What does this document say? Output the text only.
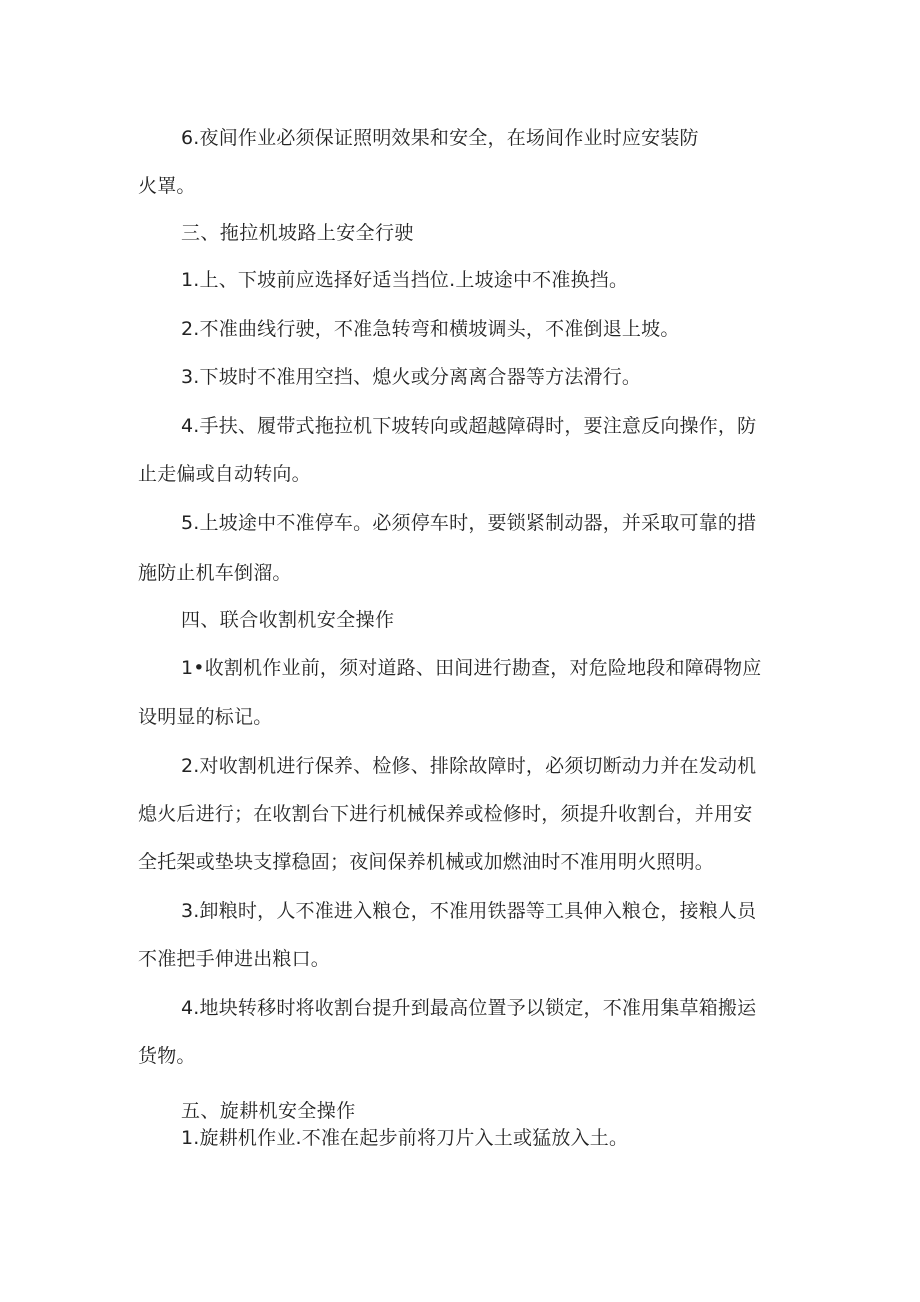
6.夜间作业必须保证照明效果和安全，在场间作业时应安装防
火罩。
三、拖拉机坡路上安全行驶
1.上、下坡前应选择好适当挡位.上坡途中不准换挡。
2.不准曲线行驶，不准急转弯和横坡调头，不准倒退上坡。
3.下坡时不准用空挡、熄火或分离离合器等方法滑行。
4.手扶、履带式拖拉机下坡转向或超越障碍时，要注意反向操作，防
止走偏或自动转向。
5.上坡途中不准停车。必须停车时，要锁紧制动器，并采取可靠的措
施防止机车倒溜。
四、联合收割机安全操作
1•收割机作业前，须对道路、田间进行勘查，对危险地段和障碍物应
设明显的标记。
2.对收割机进行保养、检修、排除故障时，必须切断动力并在发动机
熄火后进行；在收割台下进行机械保养或检修时，须提升收割台，并用安
全托架或垫块支撑稳固；夜间保养机械或加燃油时不准用明火照明。
3.卸粮时，人不准进入粮仓，不准用铁器等工具伸入粮仓，接粮人员
不准把手伸进出粮口。
4.地块转移时将收割台提升到最高位置予以锁定，不准用集草箱搬运
货物。
五、旋耕机安全操作
1.旋耕机作业.不准在起步前将刀片入土或猛放入土。
